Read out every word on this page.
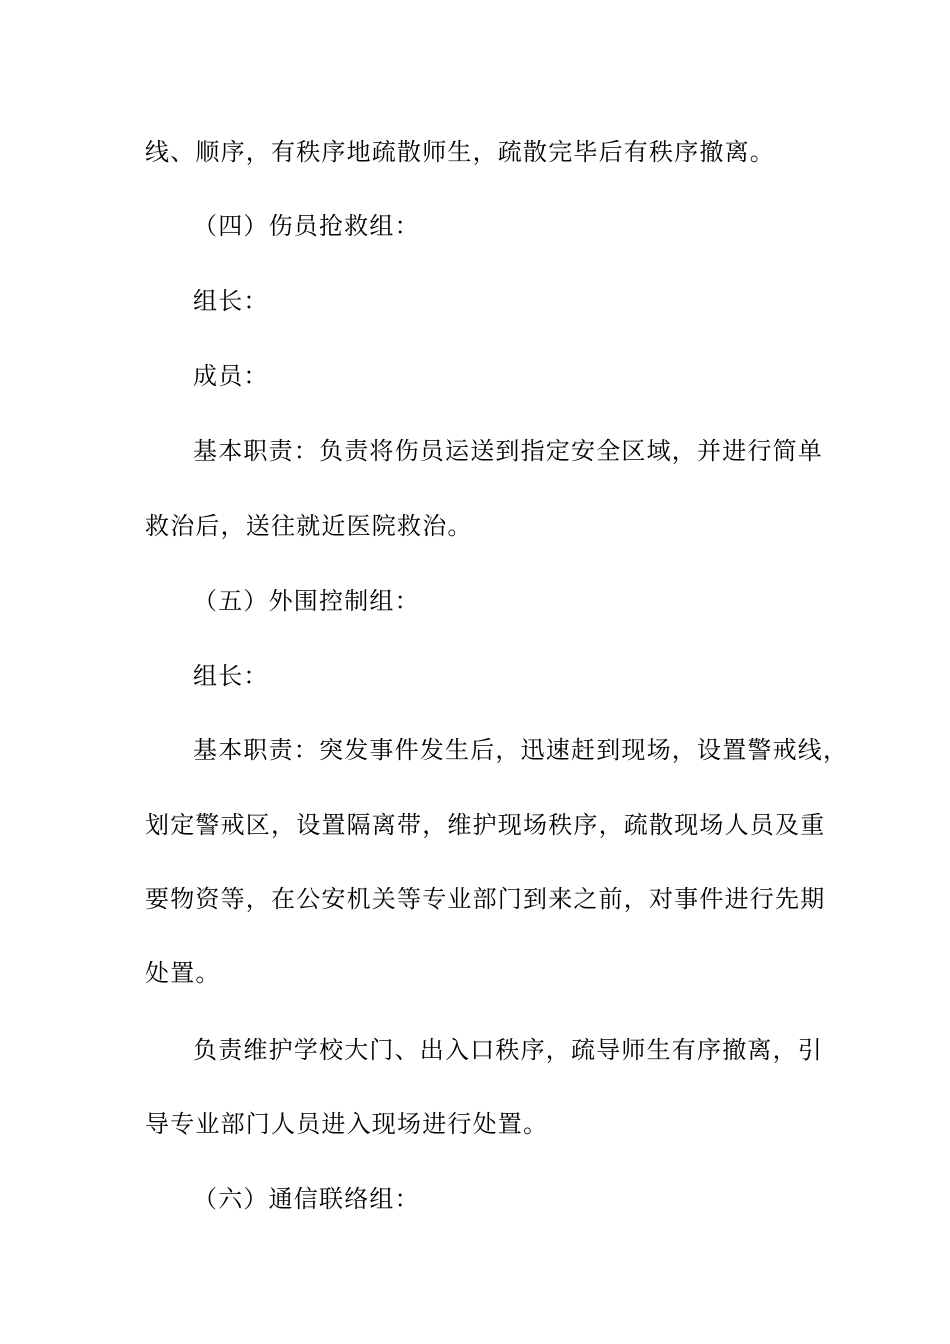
线、顺序，有秩序地疏散师生，疏散完毕后有秩序撤离。
（四）伤员抢救组：
组长：
成员：
基本职责：负责将伤员运送到指定安全区域，并进行简单
救治后，送往就近医院救治。
（五）外围控制组：
组长：
基本职责：突发事件发生后，迅速赶到现场，设置警戒线，
划定警戒区，设置隔离带，维护现场秩序，疏散现场人员及重
要物资等，在公安机关等专业部门到来之前，对事件进行先期
处置。
负责维护学校大门、出入口秩序，疏导师生有序撤离，引
导专业部门人员进入现场进行处置。
（六）通信联络组：
